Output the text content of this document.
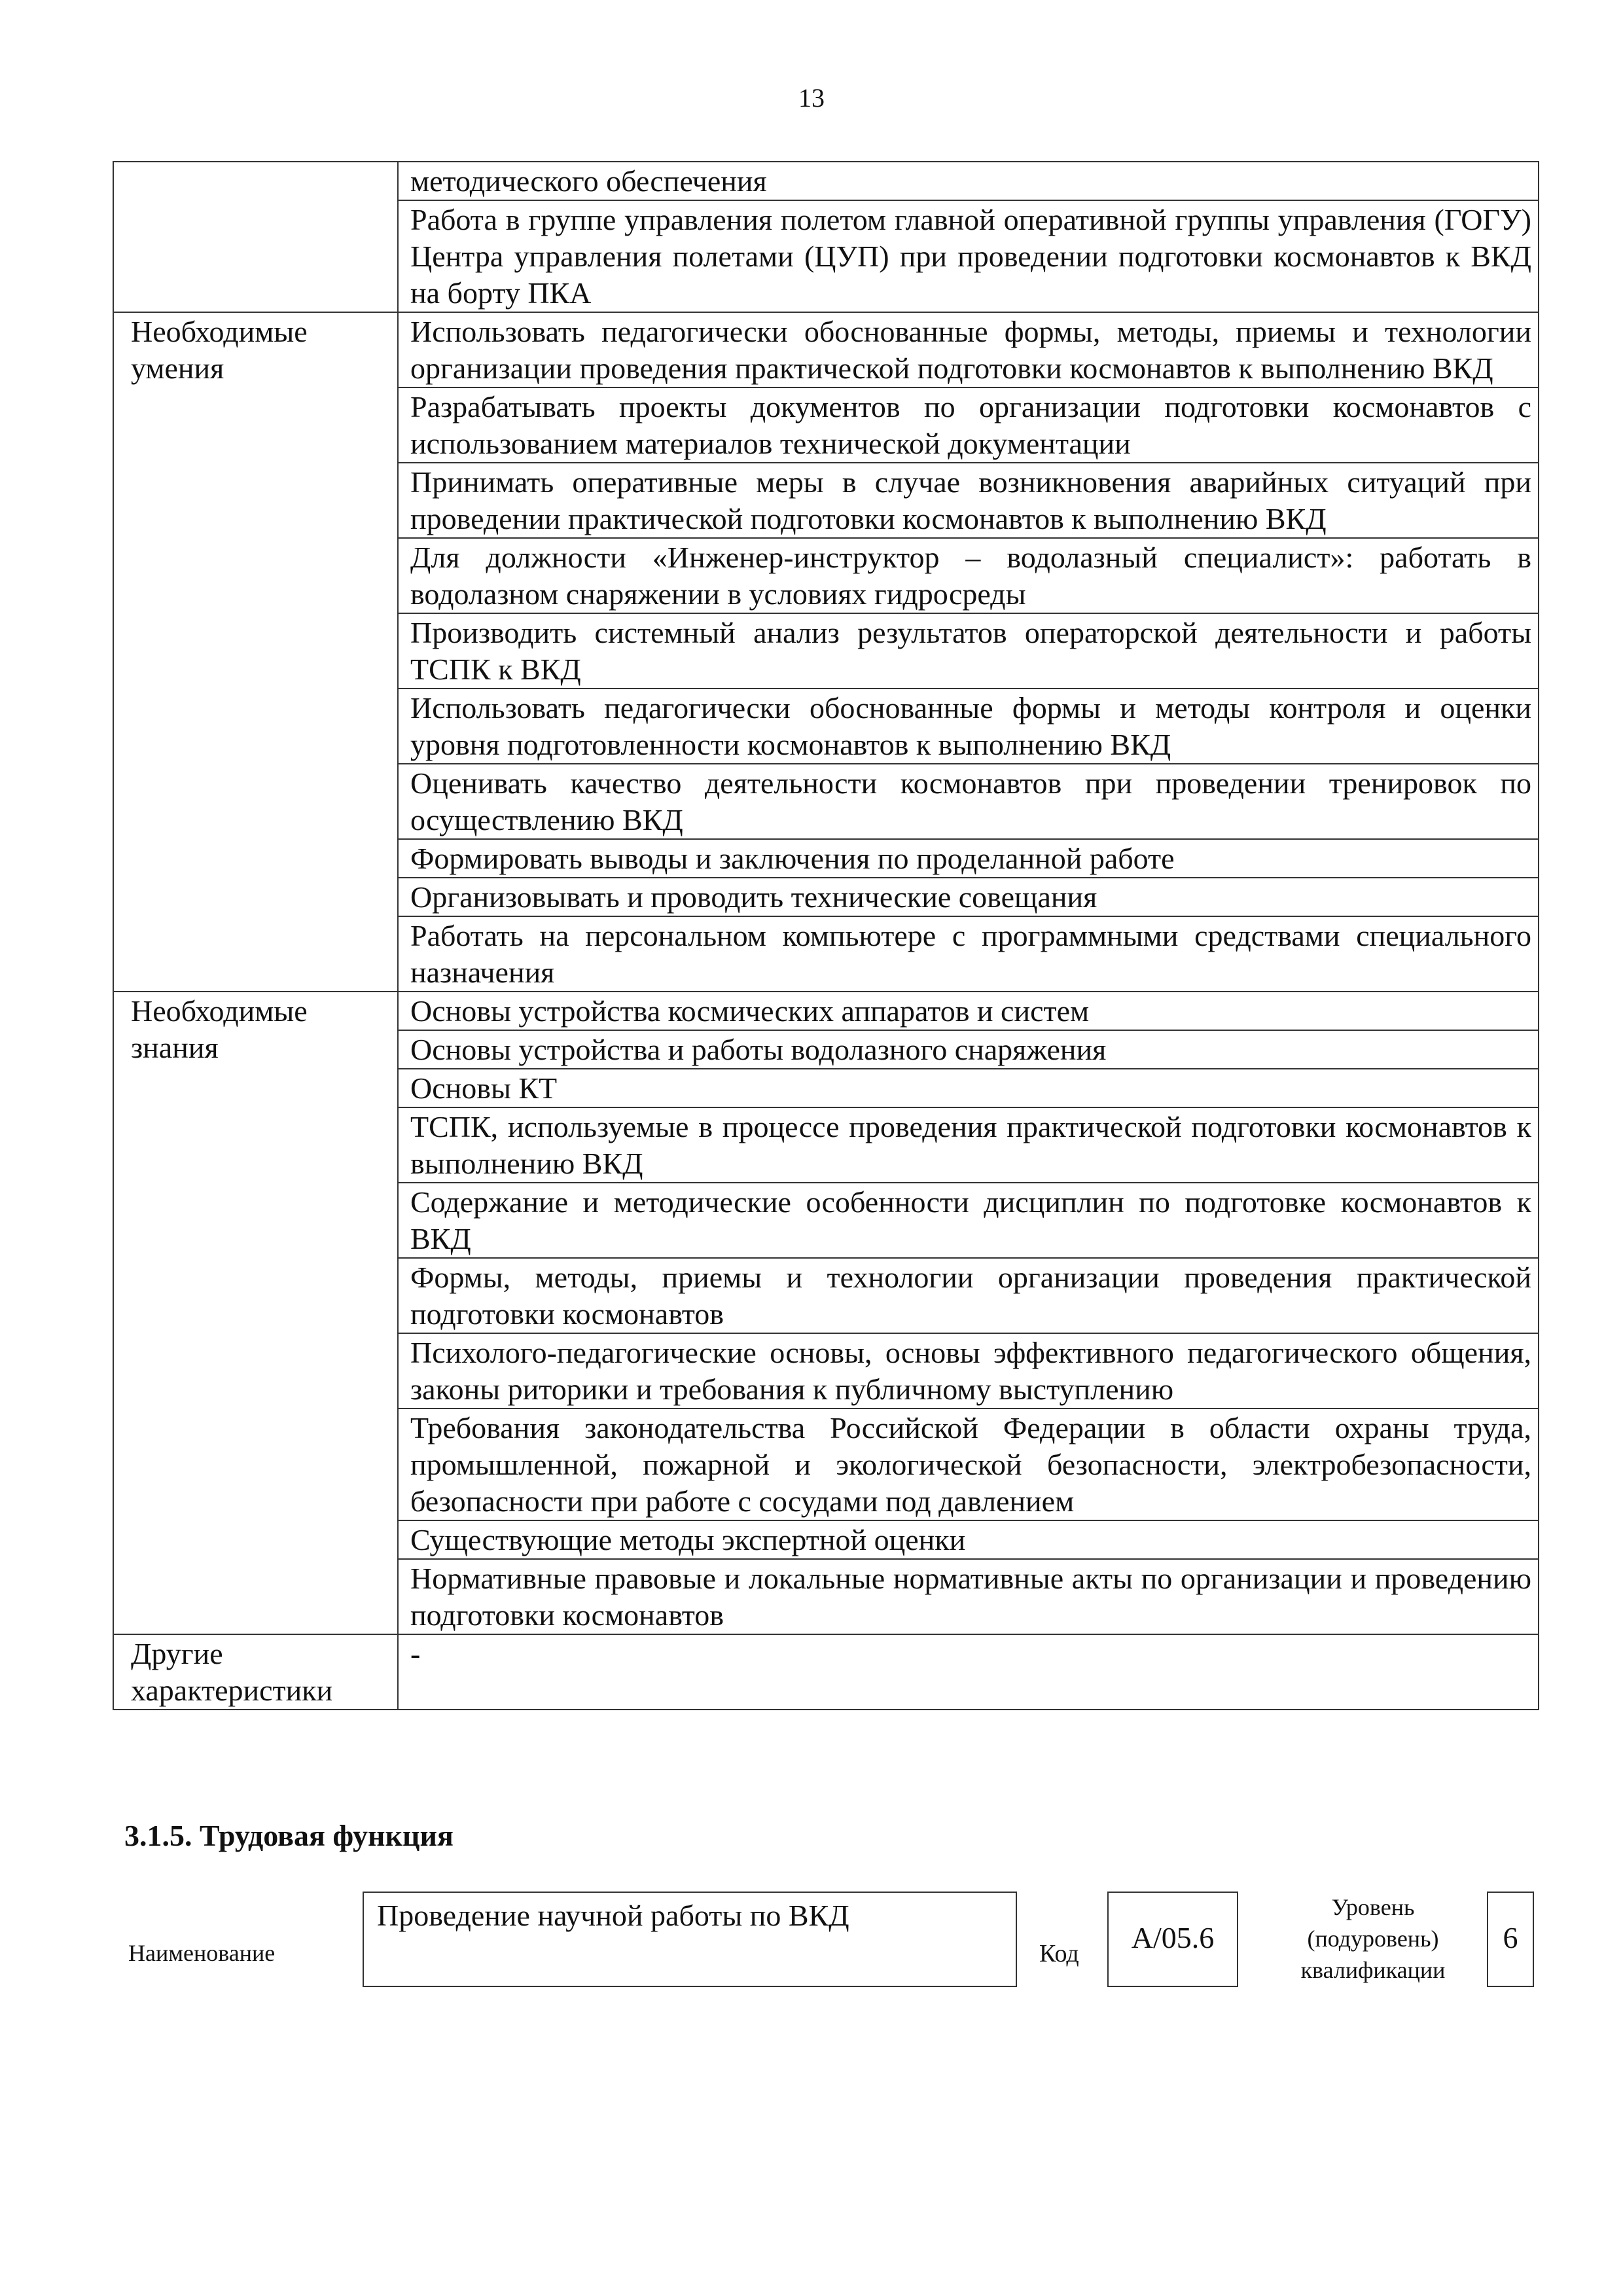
13
	методического обеспечения
	Работа в группе управления полетом главной оперативной группы управления (ГОГУ) Центра управления полетами (ЦУП) при проведении подготовки космонавтов к ВКД на борту ПКА
Необходимые умения	Использовать педагогически обоснованные формы, методы, приемы и технологии организации проведения практической подготовки космонавтов к выполнению ВКД
	Разрабатывать проекты документов по организации подготовки космонавтов с использованием материалов технической документации
	Принимать оперативные меры в случае возникновения аварийных ситуаций при проведении практической подготовки космонавтов к выполнению ВКД
	Для должности «Инженер-инструктор – водолазный специалист»: работать в водолазном снаряжении в условиях гидросреды
	Производить системный анализ результатов операторской деятельности и работы ТСПК к ВКД
	Использовать педагогически обоснованные формы и методы контроля и оценки уровня подготовленности космонавтов к выполнению ВКД
	Оценивать качество деятельности космонавтов при проведении тренировок по осуществлению ВКД
	Формировать выводы и заключения по проделанной работе
	Организовывать и проводить технические совещания
	Работать на персональном компьютере с программными средствами специального назначения
Необходимые знания	Основы устройства космических аппаратов и систем
	Основы устройства и работы водолазного снаряжения
	Основы КТ
	ТСПК, используемые в процессе проведения практической подготовки космонавтов к выполнению ВКД
	Содержание и методические особенности дисциплин по подготовке космонавтов к ВКД
	Формы, методы, приемы и технологии организации проведения практической подготовки космонавтов
	Психолого-педагогические основы, основы эффективного педагогического общения, законы риторики и требования к публичному выступлению
	Требования законодательства Российской Федерации в области охраны труда, промышленной, пожарной и экологической безопасности, электробезопасности, безопасности при работе с сосудами под давлением
	Существующие методы экспертной оценки
	Нормативные правовые и локальные нормативные акты по организации и проведению подготовки космонавтов
Другие характеристики	-
3.1.5. Трудовая функция
Наименование
Проведение научной работы по ВКД
Код	А/05.6
Уровень
(подуровень)
квалификации
6
